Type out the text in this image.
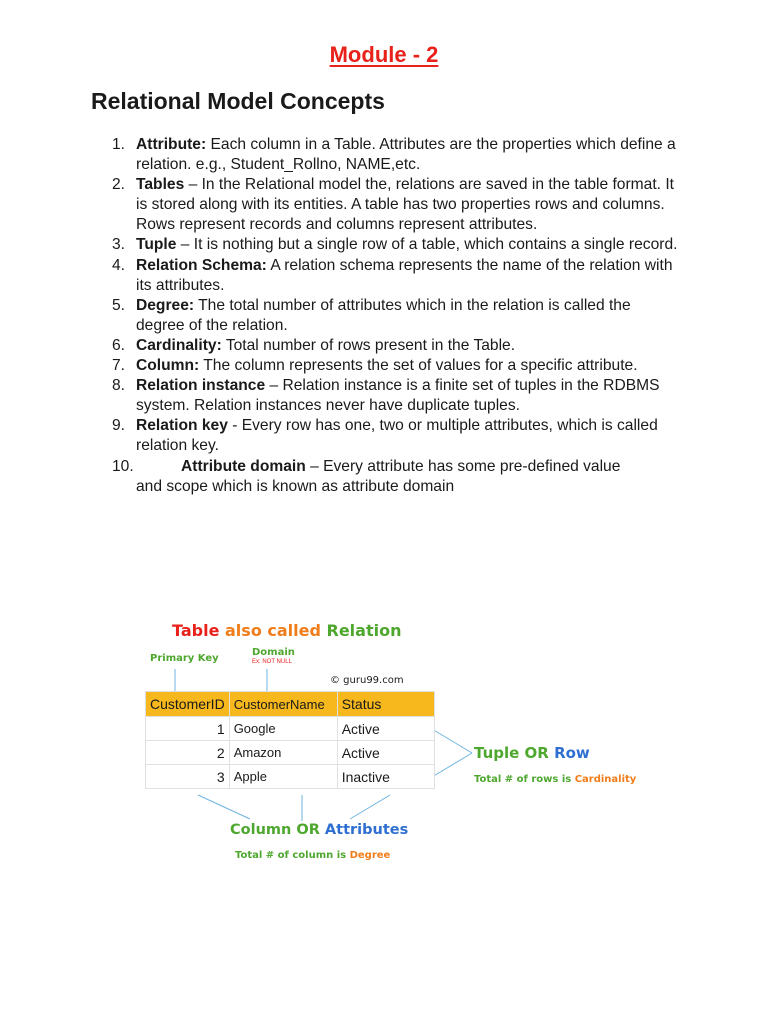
Module - 2
Relational Model Concepts
1. Attribute: Each column in a Table. Attributes are the properties which define a relation. e.g., Student_Rollno, NAME,etc.
2. Tables – In the Relational model the, relations are saved in the table format. It is stored along with its entities. A table has two properties rows and columns. Rows represent records and columns represent attributes.
3. Tuple – It is nothing but a single row of a table, which contains a single record.
4. Relation Schema: A relation schema represents the name of the relation with its attributes.
5. Degree: The total number of attributes which in the relation is called the degree of the relation.
6. Cardinality: Total number of rows present in the Table.
7. Column: The column represents the set of values for a specific attribute.
8. Relation instance – Relation instance is a finite set of tuples in the RDBMS system. Relation instances never have duplicate tuples.
9. Relation key - Every row has one, two or multiple attributes, which is called relation key.
10.	Attribute domain – Every attribute has some pre-defined value
and scope which is known as attribute domain
Table also called Relation
Primary Key
Domain
Ex: NOT NULL
© guru99.com
CustomerID	CustomerName	Status
1	Google	Active
2	Amazon	Active
3	Apple	Inactive
Tuple OR Row
Total # of rows is Cardinality
Column OR Attributes
Total # of column is Degree
